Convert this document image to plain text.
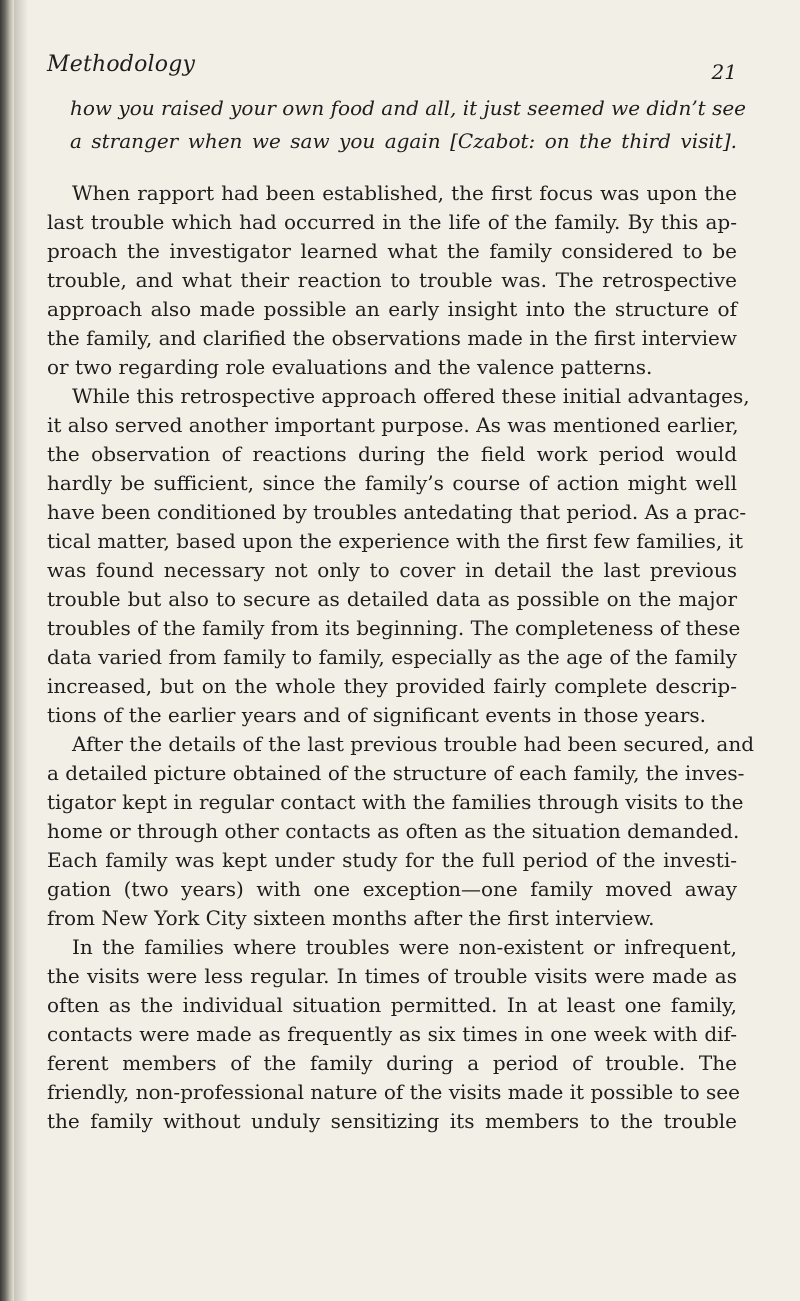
Methodology	21
how you raised your own food and all, it just seemed we didn’t see
a stranger when we saw you again [Czabot: on the third visit].
When rapport had been established, the first focus was upon the
last trouble which had occurred in the life of the family. By this ap-
proach the investigator learned what the family considered to be
trouble, and what their reaction to trouble was. The retrospective
approach also made possible an early insight into the structure of
the family, and clarified the observations made in the first interview
or two regarding role evaluations and the valence patterns.
While this retrospective approach offered these initial advantages,
it also served another important purpose. As was mentioned earlier,
the observation of reactions during the field work period would
hardly be sufficient, since the family’s course of action might well
have been conditioned by troubles antedating that period. As a prac-
tical matter, based upon the experience with the first few families, it
was found necessary not only to cover in detail the last previous
trouble but also to secure as detailed data as possible on the major
troubles of the family from its beginning. The completeness of these
data varied from family to family, especially as the age of the family
increased, but on the whole they provided fairly complete descrip-
tions of the earlier years and of significant events in those years.
After the details of the last previous trouble had been secured, and
a detailed picture obtained of the structure of each family, the inves-
tigator kept in regular contact with the families through visits to the
home or through other contacts as often as the situation demanded.
Each family was kept under study for the full period of the investi-
gation (two years) with one exception—one family moved away
from New York City sixteen months after the first interview.
In the families where troubles were non-existent or infrequent,
the visits were less regular. In times of trouble visits were made as
often as the individual situation permitted. In at least one family,
contacts were made as frequently as six times in one week with dif-
ferent members of the family during a period of trouble. The
friendly, non-professional nature of the visits made it possible to see
the family without unduly sensitizing its members to the trouble
